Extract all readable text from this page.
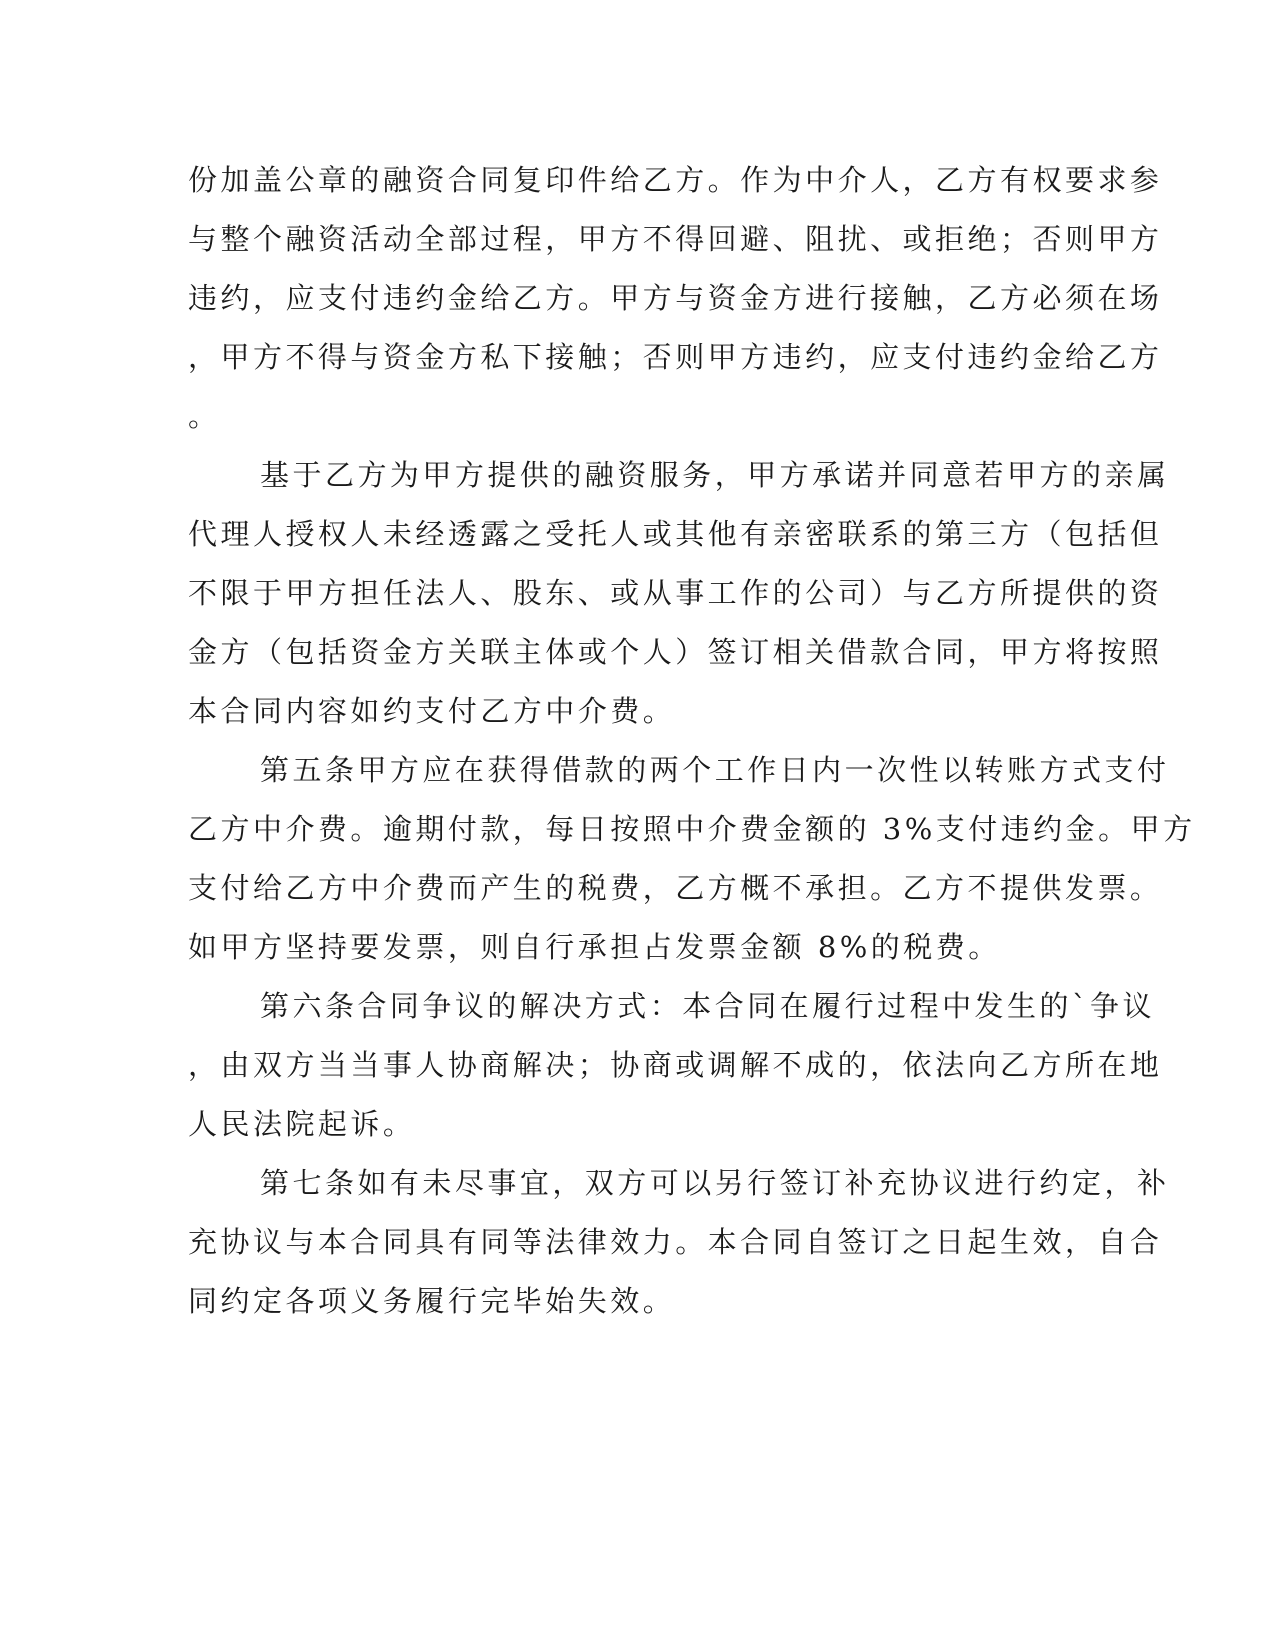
份加盖公章的融资合同复印件给乙方。作为中介人，乙方有权要求参

与整个融资活动全部过程，甲方不得回避、阻扰、或拒绝；否则甲方

违约，应支付违约金给乙方。甲方与资金方进行接触，乙方必须在场

，甲方不得与资金方私下接触；否则甲方违约，应支付违约金给乙方

。

基于乙方为甲方提供的融资服务，甲方承诺并同意若甲方的亲属

代理人授权人未经透露之受托人或其他有亲密联系的第三方（包括但

不限于甲方担任法人、股东、或从事工作的公司）与乙方所提供的资

金方（包括资金方关联主体或个人）签订相关借款合同，甲方将按照

本合同内容如约支付乙方中介费。

第五条甲方应在获得借款的两个工作日内一次性以转账方式支付

乙方中介费。逾期付款，每日按照中介费金额的 3%支付违约金。甲方

支付给乙方中介费而产生的税费，乙方概不承担。乙方不提供发票。

如甲方坚持要发票，则自行承担占发票金额 8%的税费。

第六条合同争议的解决方式：本合同在履行过程中发生的`争议

，由双方当当事人协商解决；协商或调解不成的，依法向乙方所在地

人民法院起诉。

第七条如有未尽事宜，双方可以另行签订补充协议进行约定，补

充协议与本合同具有同等法律效力。本合同自签订之日起生效，自合

同约定各项义务履行完毕始失效。
